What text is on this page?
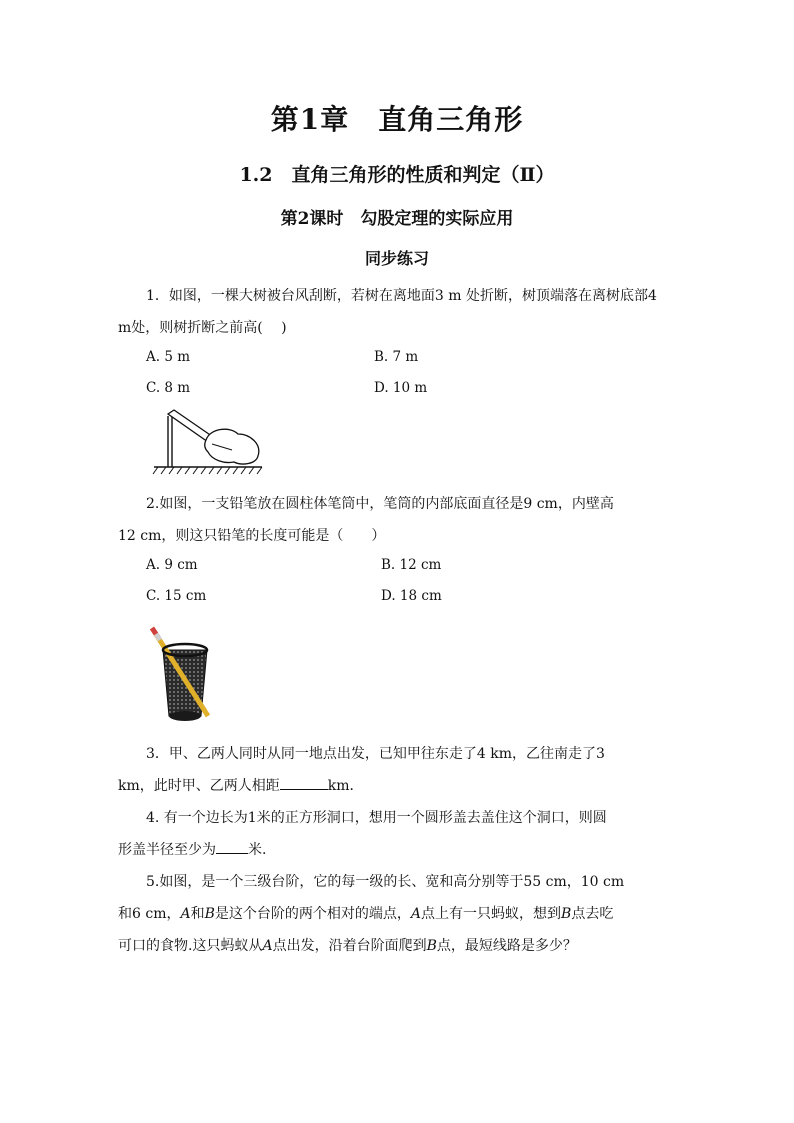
第1章　直角三角形
1.2　直角三角形的性质和判定（Ⅱ）
第2课时　勾股定理的实际应用
同步练习
1．如图，一棵大树被台风刮断，若树在离地面3 m 处折断，树顶端落在离树底部4
m处，则树折断之前高(　 )
A. 5 m	B. 7 m
C. 8 m	D. 10 m
2.如图，一支铅笔放在圆柱体笔筒中，笔筒的内部底面直径是9 cm，内壁高
12 cm，则这只铅笔的长度可能是（　　）
A. 9 cm	B. 12 cm
C. 15 cm	D. 18 cm
3．甲、乙两人同时从同一地点出发，已知甲往东走了4 km，乙往南走了3
km，此时甲、乙两人相距	km．
4. 有一个边长为1米的正方形洞口，想用一个圆形盖去盖住这个洞口，则圆
形盖半径至少为 米.
5.如图，是一个三级台阶，它的每一级的长、宽和高分别等于55 cm，10 cm
和6 cm，A和B是这个台阶的两个相对的端点，A点上有一只蚂蚁，想到B点去吃
可口的食物.这只蚂蚁从A点出发，沿着台阶面爬到B点，最短线路是多少？
